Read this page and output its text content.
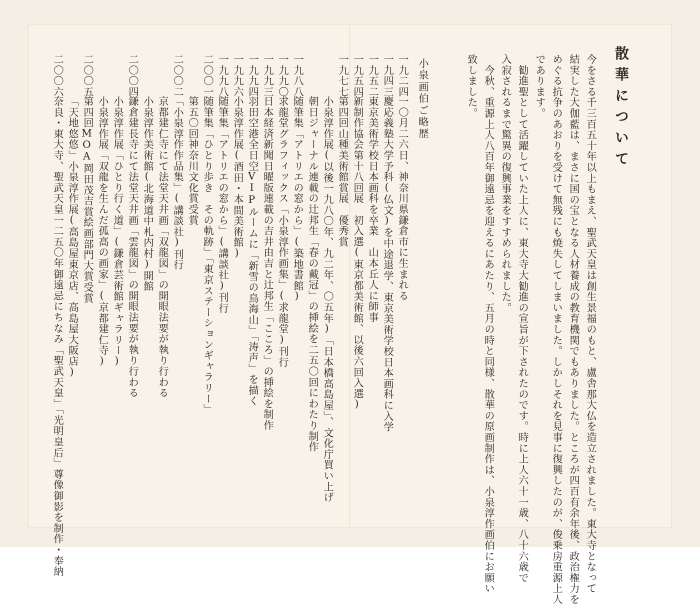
散華について
今をさる千三百五十年以上もまえ、聖武天皇は創生景福のもと、盧舎那大仏を造立されました。東大寺となって
結実した大伽藍は、まさに国の宝となる人材養成の教育機関でもありました。ところが四百有余年後、政治権力を
めぐる抗争のあおりを受けて無残にも焼失してしまいました。しかしそれを見事に復興したのが、俊乗房重源上人
であります。
　勧進聖として活躍していた上人に、東大寺大勧進の宣旨が下されたのです。時に上人六十一歳、八十六歳で
入寂されるまで驚異の復興事業をすすめられました。
　今秋、重源上人八百年御遠忌を迎えるにあたり、五月の時と同様、散華の原画制作は、小泉淳作画伯にお願い
致しました。
小泉画伯ご略歴
一九二四
一〇月二六日、神奈川県鎌倉市に生まれる
一九四三
慶応義塾大学予科(仏文)を中途退学、東京美術学校日本画科に入学
一九五二
東京美術学校日本画科を卒業　山本丘人に師事
一九五四
新制作協会第十八回展　初入選(東京都美術館、以後六回入選)
一九七七
第四回山種美術館賞展　優秀賞
小泉淳作展(以後一九八〇年、九二年、〇五年)「日本橋高島屋」、文化庁買い上げ
朝日ジャーナル連載の辻邦生「春の戴冠」の挿絵を二五〇回にわたり制作
一九八八
随筆集「アトリエの窓から」(築地書館)
一九九〇
求龍堂グラフィックス「小泉淳作画集」(求龍堂)刊行
一九九三
日本経済新聞日曜版連載の吉井由吉と辻邦生「こころ」の挿絵を制作
一九九四
羽田空港全日空VIPルームに「新雪の鳥海山」「涛声」を描く
一九九六
小泉淳作展(酒田・本間美術館)
一九九八
随筆集「アトリエの窓から」(講談社)刊行
二〇〇一
随筆集「ひとり歩き　その軌跡」「東京ステーションギャラリー」
第五〇回神奈川文化賞受賞
二〇〇二
「小泉淳作作品集」(講談社)刊行
京都建仁寺にて法堂天井画「双龍図」の開眼法要が執り行わる
小泉淳作美術館(北海道中札内村)開館
二〇〇四
鎌倉建長寺にて法堂天井画「雲龍図」の開眼法要が執り行わる
小泉淳作展「ひとり行く道」(鎌倉芸術館ギャラリー)
小泉淳作展「双龍を生んだ孤高の画家」(京都建仁寺)
二〇〇五
第四回MOA岡田茂吉賞絵画部門大賞受賞
「天地悠悠」小泉淳作展(高島屋東京店、高島屋大阪店)
二〇〇六
奈良・東大寺、聖武天皇一二五〇年御遠忌にちなみ「聖武天皇」「光明皇后」尊像御影を制作・奉納
